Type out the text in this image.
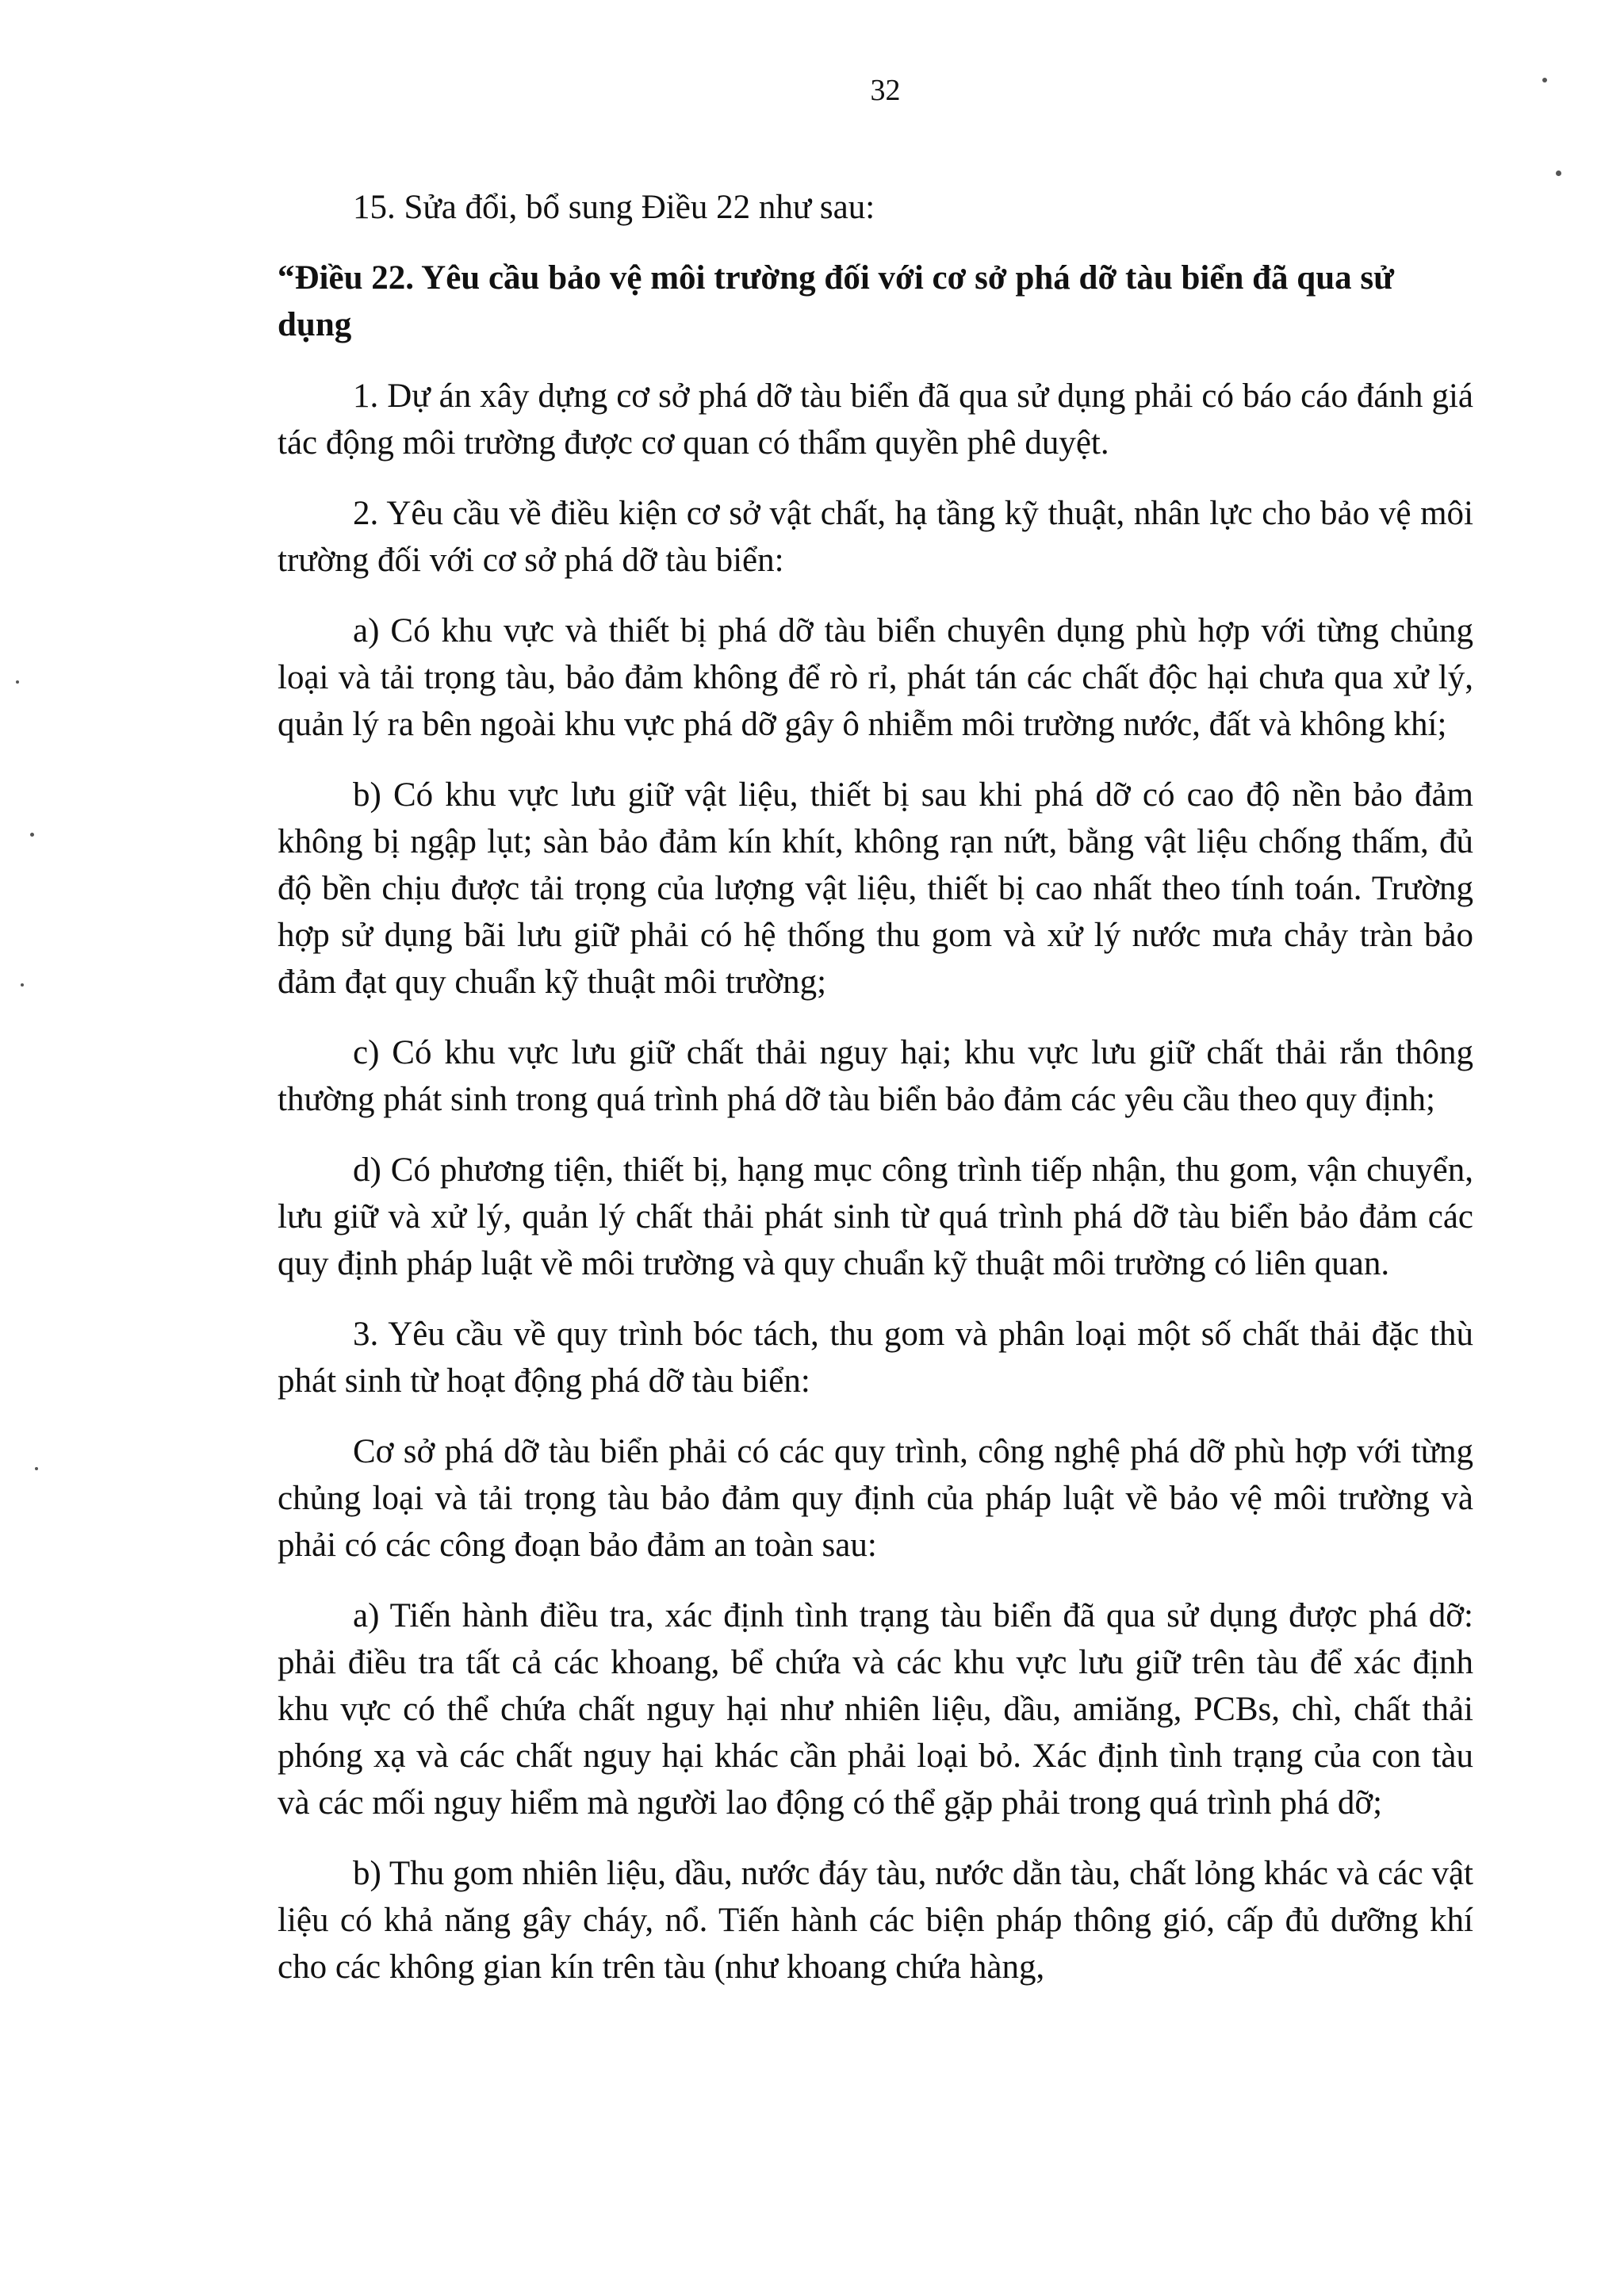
32

15. Sửa đổi, bổ sung Điều 22 như sau:

“Điều 22. Yêu cầu bảo vệ môi trường đối với cơ sở phá dỡ tàu biển đã qua sử dụng

1. Dự án xây dựng cơ sở phá dỡ tàu biển đã qua sử dụng phải có báo cáo đánh giá tác động môi trường được cơ quan có thẩm quyền phê duyệt.

2. Yêu cầu về điều kiện cơ sở vật chất, hạ tầng kỹ thuật, nhân lực cho bảo vệ môi trường đối với cơ sở phá dỡ tàu biển:

a) Có khu vực và thiết bị phá dỡ tàu biển chuyên dụng phù hợp với từng chủng loại và tải trọng tàu, bảo đảm không để rò rỉ, phát tán các chất độc hại chưa qua xử lý, quản lý ra bên ngoài khu vực phá dỡ gây ô nhiễm môi trường nước, đất và không khí;

b) Có khu vực lưu giữ vật liệu, thiết bị sau khi phá dỡ có cao độ nền bảo đảm không bị ngập lụt; sàn bảo đảm kín khít, không rạn nứt, bằng vật liệu chống thấm, đủ độ bền chịu được tải trọng của lượng vật liệu, thiết bị cao nhất theo tính toán. Trường hợp sử dụng bãi lưu giữ phải có hệ thống thu gom và xử lý nước mưa chảy tràn bảo đảm đạt quy chuẩn kỹ thuật môi trường;

c) Có khu vực lưu giữ chất thải nguy hại; khu vực lưu giữ chất thải rắn thông thường phát sinh trong quá trình phá dỡ tàu biển bảo đảm các yêu cầu theo quy định;

d) Có phương tiện, thiết bị, hạng mục công trình tiếp nhận, thu gom, vận chuyển, lưu giữ và xử lý, quản lý chất thải phát sinh từ quá trình phá dỡ tàu biển bảo đảm các quy định pháp luật về môi trường và quy chuẩn kỹ thuật môi trường có liên quan.

3. Yêu cầu về quy trình bóc tách, thu gom và phân loại một số chất thải đặc thù phát sinh từ hoạt động phá dỡ tàu biển:

Cơ sở phá dỡ tàu biển phải có các quy trình, công nghệ phá dỡ phù hợp với từng chủng loại và tải trọng tàu bảo đảm quy định của pháp luật về bảo vệ môi trường và phải có các công đoạn bảo đảm an toàn sau:

a) Tiến hành điều tra, xác định tình trạng tàu biển đã qua sử dụng được phá dỡ: phải điều tra tất cả các khoang, bể chứa và các khu vực lưu giữ trên tàu để xác định khu vực có thể chứa chất nguy hại như nhiên liệu, dầu, amiăng, PCBs, chì, chất thải phóng xạ và các chất nguy hại khác cần phải loại bỏ. Xác định tình trạng của con tàu và các mối nguy hiểm mà người lao động có thể gặp phải trong quá trình phá dỡ;

b) Thu gom nhiên liệu, dầu, nước đáy tàu, nước dằn tàu, chất lỏng khác và các vật liệu có khả năng gây cháy, nổ. Tiến hành các biện pháp thông gió, cấp đủ dưỡng khí cho các không gian kín trên tàu (như khoang chứa hàng,
